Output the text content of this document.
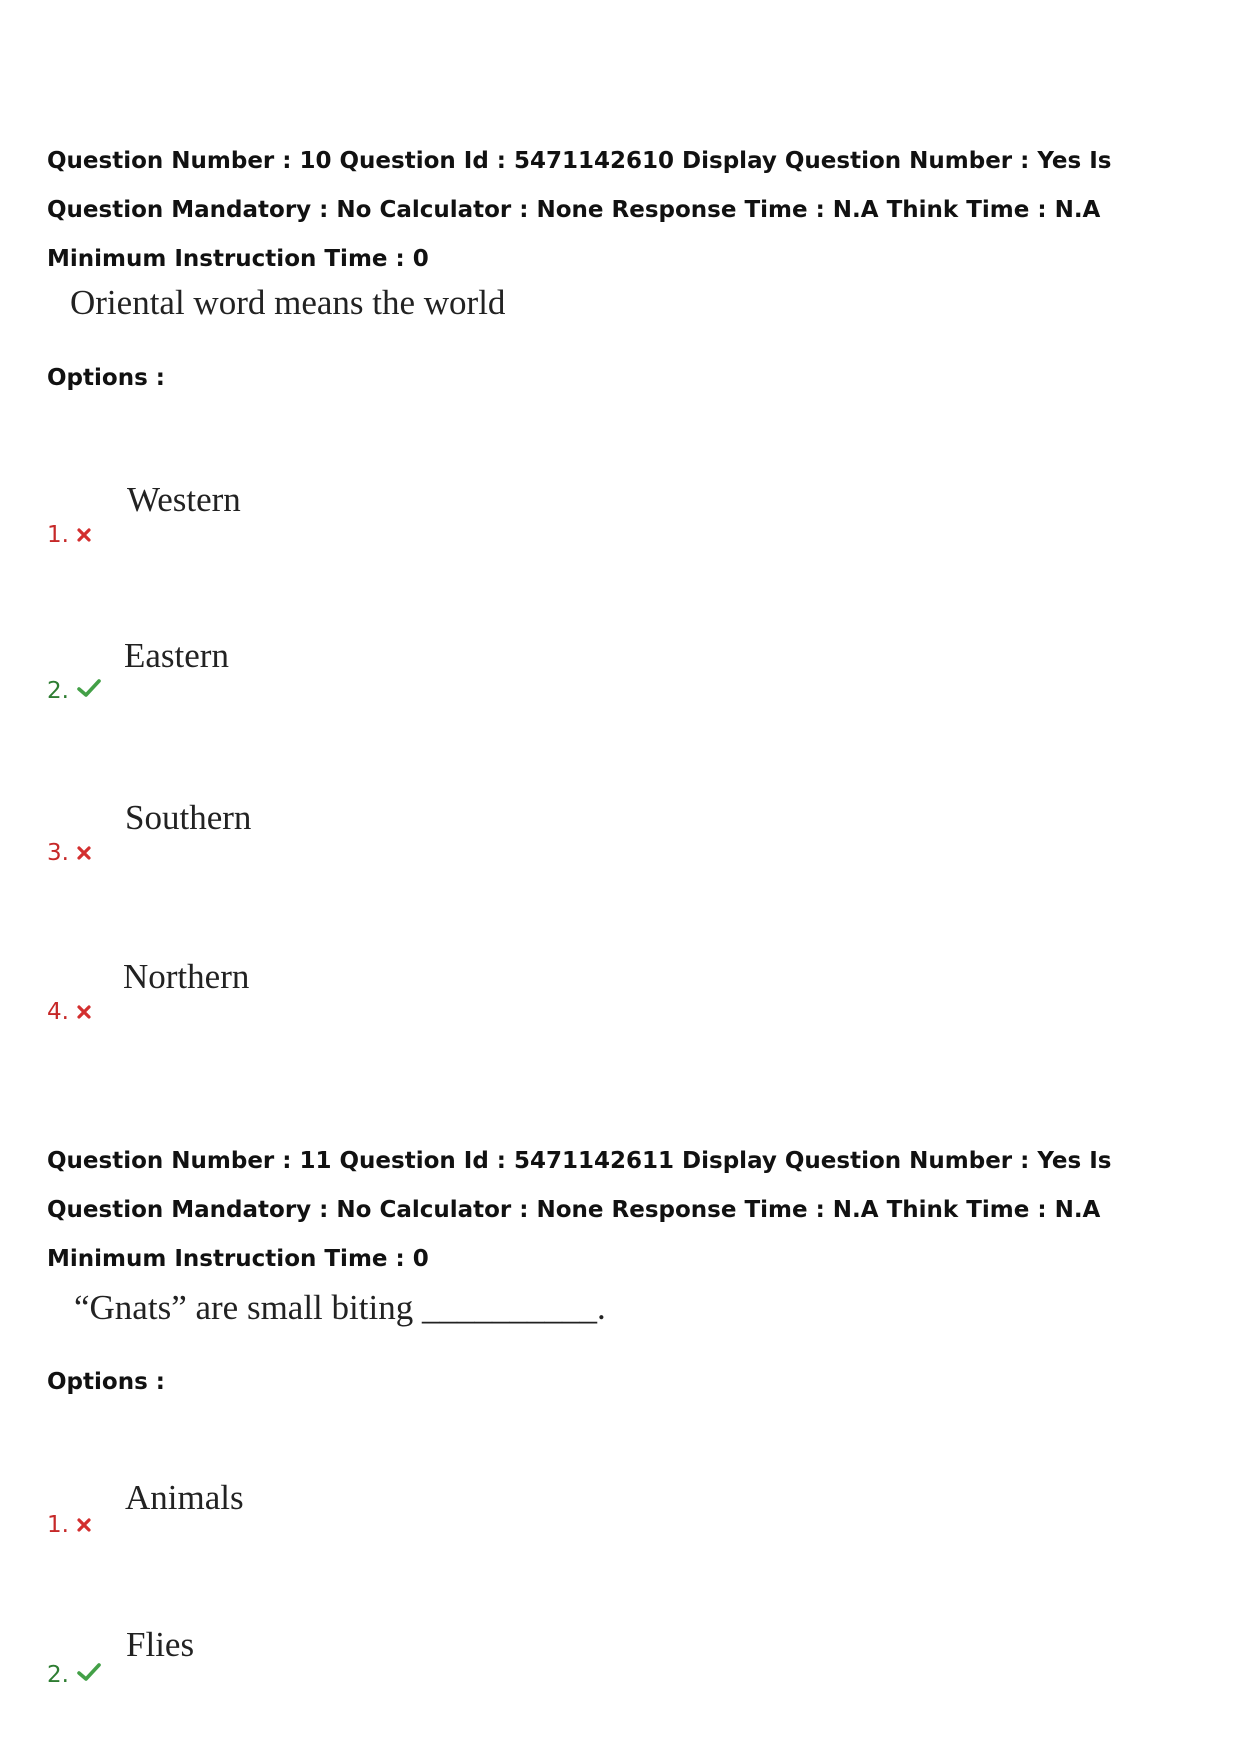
Question Number : 10 Question Id : 5471142610 Display Question Number : Yes Is Question Mandatory : No Calculator : None Response Time : N.A Think Time : N.A Minimum Instruction Time : 0

Oriental word means the world
Options :
Western
1.
Eastern
2.
Southern
3.
Northern
4.

Question Number : 11 Question Id : 5471142611 Display Question Number : Yes Is Question Mandatory : No Calculator : None Response Time : N.A Think Time : N.A Minimum Instruction Time : 0

“Gnats” are small biting __________.
Options :
Animals
1.
Flies
2.
